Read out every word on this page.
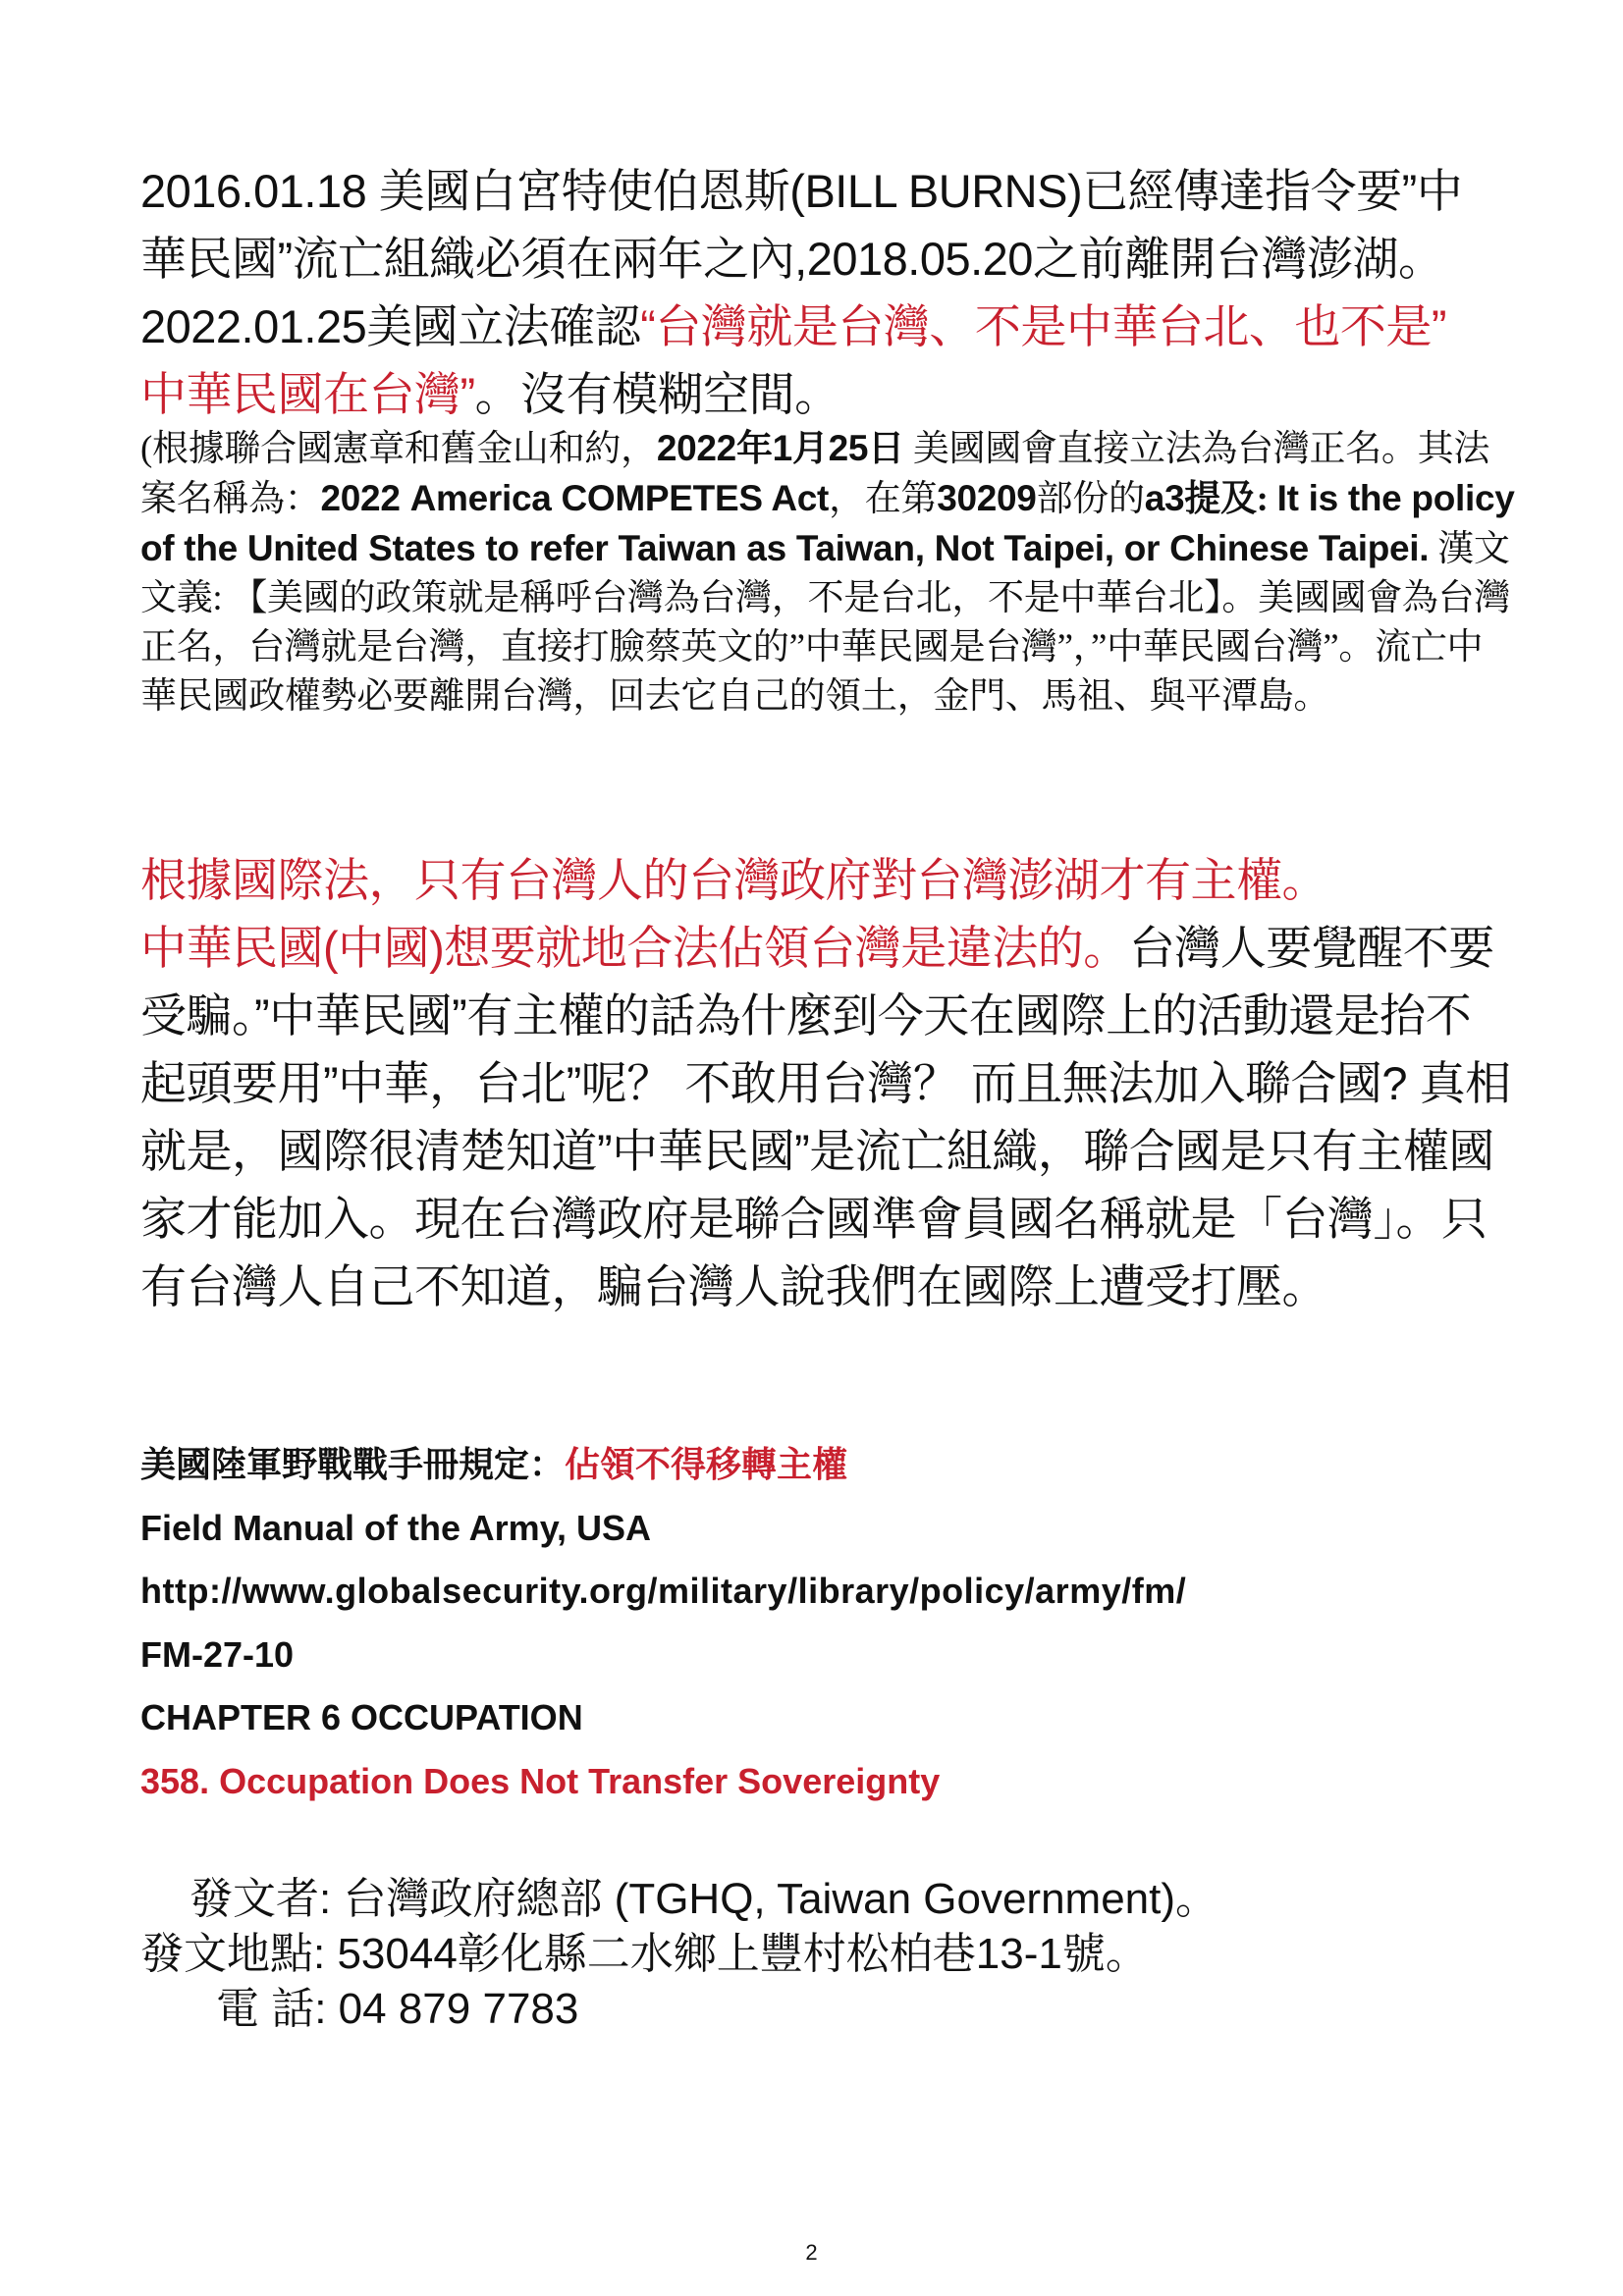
2016.01.18 美國白宮特使伯恩斯(BILL BURNS)已經傳達指令要”中
華民國”流亡組織必須在兩年之內,2018.05.20之前離開台灣澎湖。
2022.01.25美國立法確認“台灣就是台灣、不是中華台北、也不是”
中華民國在台灣”。沒有模糊空間。
(根據聯合國憲章和舊金山和約，2022年1月25日 美國國會直接立法為台灣正名。其法案名稱為：2022 America COMPETES Act，在第30209部份的a3提及: It is the policy of the United States to refer Taiwan as Taiwan, Not Taipei, or Chinese Taipei. 漢文文義: 【美國的政策就是稱呼台灣為台灣，不是台北，不是中華台北】。美國國會為台灣正名，台灣就是台灣，直接打臉蔡英文的”中華民國是台灣”，”中華民國台灣”。流亡中華民國政權勢必要離開台灣，回去它自己的領土，金門、馬祖、與平潭島。
根據國際法，只有台灣人的台灣政府對台灣澎湖才有主權。
中華民國(中國)想要就地合法佔領台灣是違法的。台灣人要覺醒不要受騙。”中華民國”有主權的話為什麼到今天在國際上的活動還是抬不起頭要用”中華，台北”呢？ 不敢用台灣？ 而且無法加入聯合國? 真相就是，國際很清楚知道”中華民國”是流亡組織，聯合國是只有主權國家才能加入。現在台灣政府是聯合國準會員國名稱就是「台灣」。只有台灣人自己不知道，騙台灣人說我們在國際上遭受打壓。
美國陸軍野戰戰手冊規定：佔領不得移轉主權
Field Manual of the Army, USA
http://www.globalsecurity.org/military/library/policy/army/fm/
FM-27-10
CHAPTER 6 OCCUPATION
358. Occupation Does Not Transfer Sovereignty
發文者: 台灣政府總部 (TGHQ, Taiwan Government)。
發文地點: 53044彰化縣二水鄉上豐村松柏巷13-1號。
電 話: 04 879 7783
2
